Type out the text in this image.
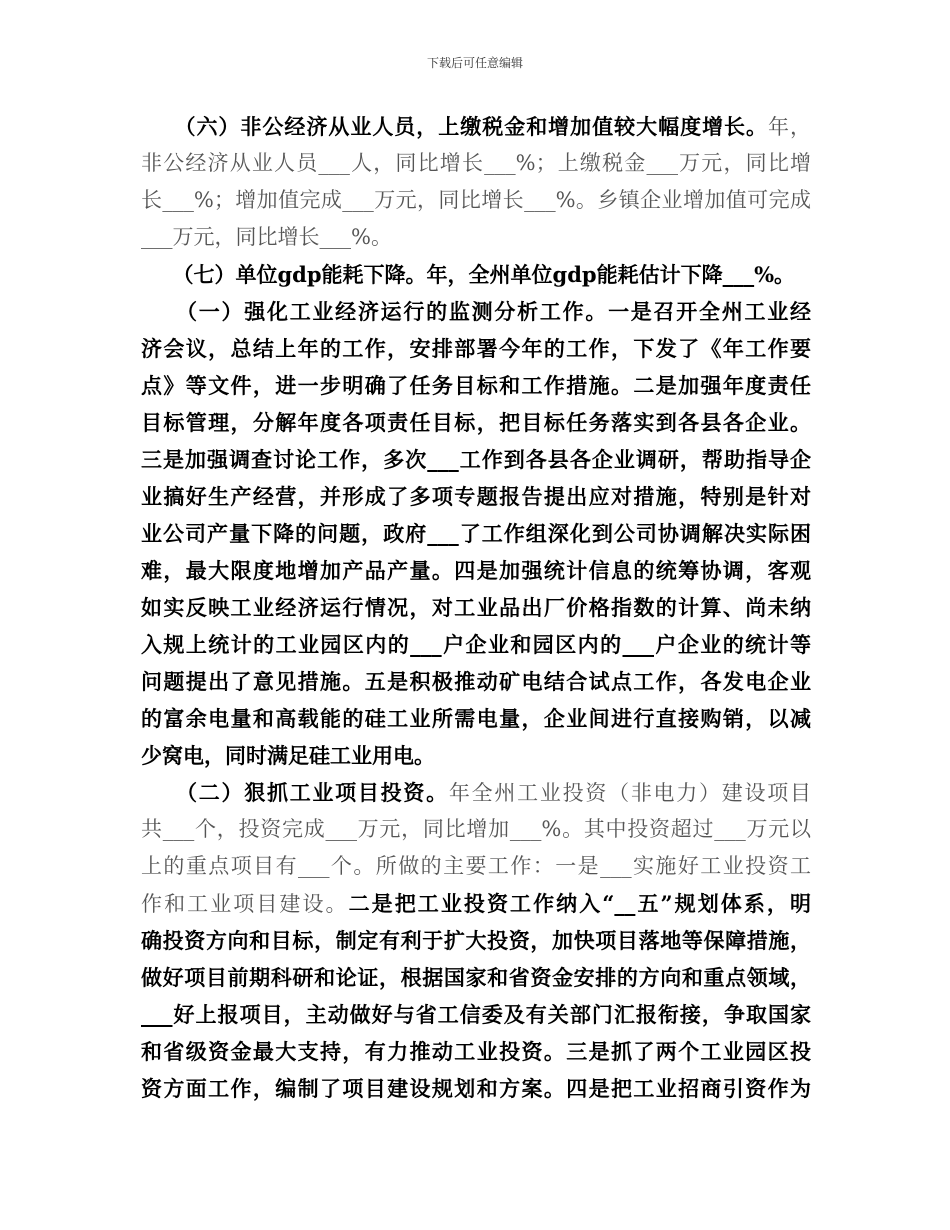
下载后可任意编辑
　　（六）非公经济从业人员，上缴税金和增加值较大幅度增长。年，
非公经济从业人员___人，同比增长___%；上缴税金___万元，同比增
长___%；增加值完成___万元，同比增长___%。乡镇企业增加值可完成
___万元，同比增长___%。
　　（七）单位gdp能耗下降。年，全州单位gdp能耗估计下降___%。
　　（一）强化工业经济运行的监测分析工作。一是召开全州工业经
济会议，总结上年的工作，安排部署今年的工作，下发了《年工作要
点》等文件，进一步明确了任务目标和工作措施。二是加强年度责任
目标管理，分解年度各项责任目标，把目标任务落实到各县各企业。
三是加强调查讨论工作，多次___工作到各县各企业调研，帮助指导企
业搞好生产经营，并形成了多项专题报告提出应对措施，特别是针对
业公司产量下降的问题，政府___了工作组深化到公司协调解决实际困
难，最大限度地增加产品产量。四是加强统计信息的统筹协调，客观
如实反映工业经济运行情况，对工业品出厂价格指数的计算、尚未纳
入规上统计的工业园区内的___户企业和园区内的___户企业的统计等
问题提出了意见措施。五是积极推动矿电结合试点工作，各发电企业
的富余电量和高载能的硅工业所需电量，企业间进行直接购销，以减
少窝电，同时满足硅工业用电。
　　（二）狠抓工业项目投资。年全州工业投资（非电力）建设项目
共___个，投资完成___万元，同比增加___%。其中投资超过___万元以
上的重点项目有___个。所做的主要工作：一是___实施好工业投资工
作和工业项目建设。二是把工业投资工作纳入“__五”规划体系，明
确投资方向和目标，制定有利于扩大投资，加快项目落地等保障措施，
做好项目前期科研和论证，根据国家和省资金安排的方向和重点领域，
___好上报项目，主动做好与省工信委及有关部门汇报衔接，争取国家
和省级资金最大支持，有力推动工业投资。三是抓了两个工业园区投
资方面工作，编制了项目建设规划和方案。四是把工业招商引资作为
